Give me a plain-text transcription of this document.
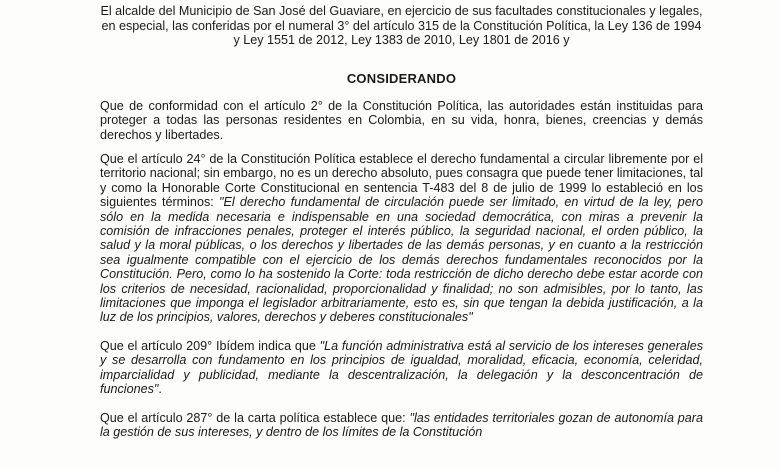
El alcalde del Municipio de San José del Guaviare, en ejercicio de sus facultades constitucionales y legales, en especial, las conferidas por el numeral 3° del artículo 315 de la Constitución Política, la Ley 136 de 1994 y Ley 1551 de 2012, Ley 1383 de 2010, Ley 1801 de 2016 y

CONSIDERANDO

Que de conformidad con el artículo 2° de la Constitución Política, las autoridades están instituidas para proteger a todas las personas residentes en Colombia, en su vida, honra, bienes, creencias y demás derechos y libertades.

Que el artículo 24° de la Constitución Política establece el derecho fundamental a circular libremente por el territorio nacional; sin embargo, no es un derecho absoluto, pues consagra que puede tener limitaciones, tal y como la Honorable Corte Constitucional en sentencia T-483 del 8 de julio de 1999 lo estableció en los siguientes términos: "El derecho fundamental de circulación puede ser limitado, en virtud de la ley, pero sólo en la medida necesaria e indispensable en una sociedad democrática, con miras a prevenir la comisión de infracciones penales, proteger el interés público, la seguridad nacional, el orden público, la salud y la moral públicas, o los derechos y libertades de las demás personas, y en cuanto a la restricción sea igualmente compatible con el ejercicio de los demás derechos fundamentales reconocidos por la Constitución. Pero, como lo ha sostenido la Corte: toda restricción de dicho derecho debe estar acorde con los criterios de necesidad, racionalidad, proporcionalidad y finalidad; no son admisibles, por lo tanto, las limitaciones que imponga el legislador arbitrariamente, esto es, sin que tengan la debida justificación, a la luz de los principios, valores, derechos y deberes constitucionales"

Que el artículo 209° Ibídem indica que "La función administrativa está al servicio de los intereses generales y se desarrolla con fundamento en los principios de igualdad, moralidad, eficacia, economía, celeridad, imparcialidad y publicidad, mediante la descentralización, la delegación y la desconcentración de funciones".

Que el artículo 287° de la carta política establece que: "las entidades territoriales gozan de autonomía para la gestión de sus intereses, y dentro de los límites de la Constitución
